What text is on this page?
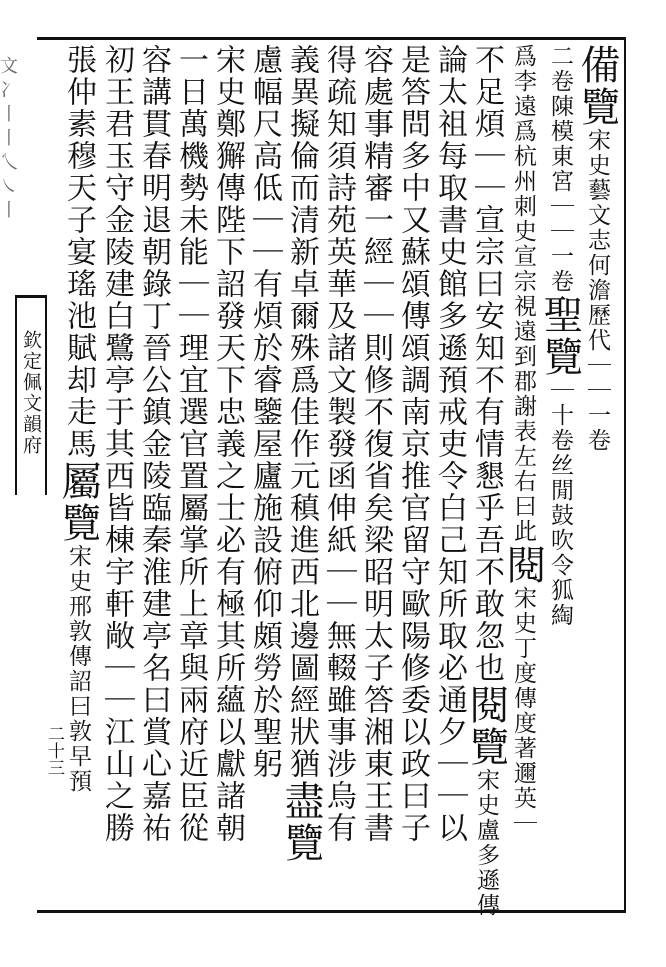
文 冫 丨 丨 乀 ㇏ 丨
欽定佩文韻府
二十三
備覽宋史藝文志何澹歷代｜｜一卷
二卷陳模東宮｜｜一卷聖覽｜十卷丝閒鼓吹令狐綯
爲李遠爲杭州刺史宣宗視遠到郡謝表左右曰此閱宋史丁度傳度著邇英｜
不足煩｜｜宣宗曰安知不有情懇乎吾不敢忽也閱覽宋史盧多遜傳
論太祖每取書史館多遜預戒吏令白己知所取必通夕｜｜以
是答問多中又蘇頌傳頌調南京推官留守歐陽修委以政曰子
容處事精審一經｜｜則修不復省矣梁昭明太子答湘東王書
得疏知須詩苑英華及諸文製發函伸紙｜｜無輟雖事涉烏有
義異擬倫而清新卓爾殊爲佳作元稹進西北邊圖經狀猶盡覽
慮幅尺高低｜｜有煩於睿鑒屋廬施設俯仰頗勞於聖躬
宋史鄭獬傳陛下詔發天下忠義之士必有極其所蘊以獻諸朝
一日萬機勢未能｜｜理宜選官置屬掌所上章與兩府近臣從
容講貫春明退朝錄丁晉公鎮金陵臨秦淮建亭名曰賞心嘉祐
初王君玉守金陵建白鷺亭于其西皆棟宇軒敞｜｜江山之勝
張仲素穆天子宴瑤池賦却走馬屬覽宋史邢敦傳詔曰敦早預
